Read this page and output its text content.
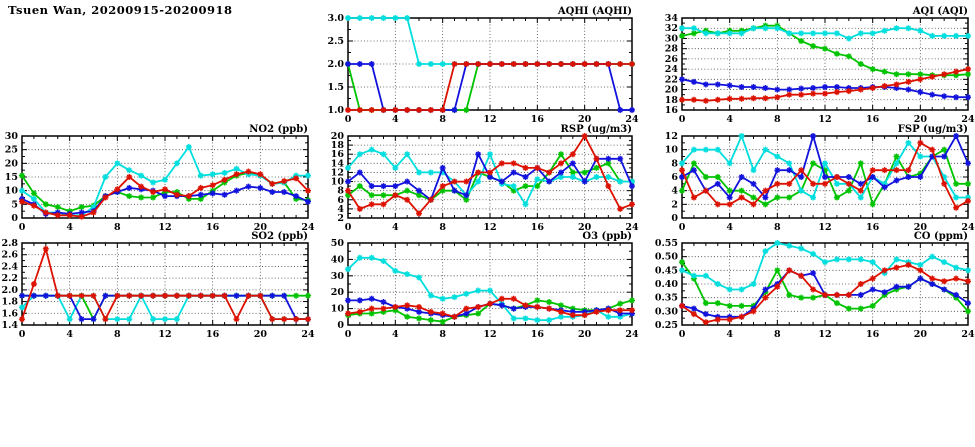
Tsuen Wan, 20200915-20200918
1.0
1.5
2.0
2.5
3.0
0	4	8	12	16	20	24
AQHI (AQHI)
16
18
20
22
24
26
28
30
32
34
0	4	8	12	16	20	24
AQI (AQI)
0
5
10
15
20
25
30
0	4	8	12	16	20	24
NO2 (ppb)
2
4
6
8
10
12
14
16
18
20
0	4	8	12	16	20	24
RSP (ug/m3)
0
2
4
6
8
10
12
0	4	8	12	16	20	24
FSP (ug/m3)
1.4
1.6
1.8
2.0
2.2
2.4
2.6
2.8
0	4	8	12	16	20	24
SO2 (ppb)
0
10
20
30
40
50
0	4	8	12	16	20	24
O3 (ppb)
0.25
0.30
0.35
0.40
0.45
0.50
0.55
0	4	8	12	16	20	24
CO (ppm)
